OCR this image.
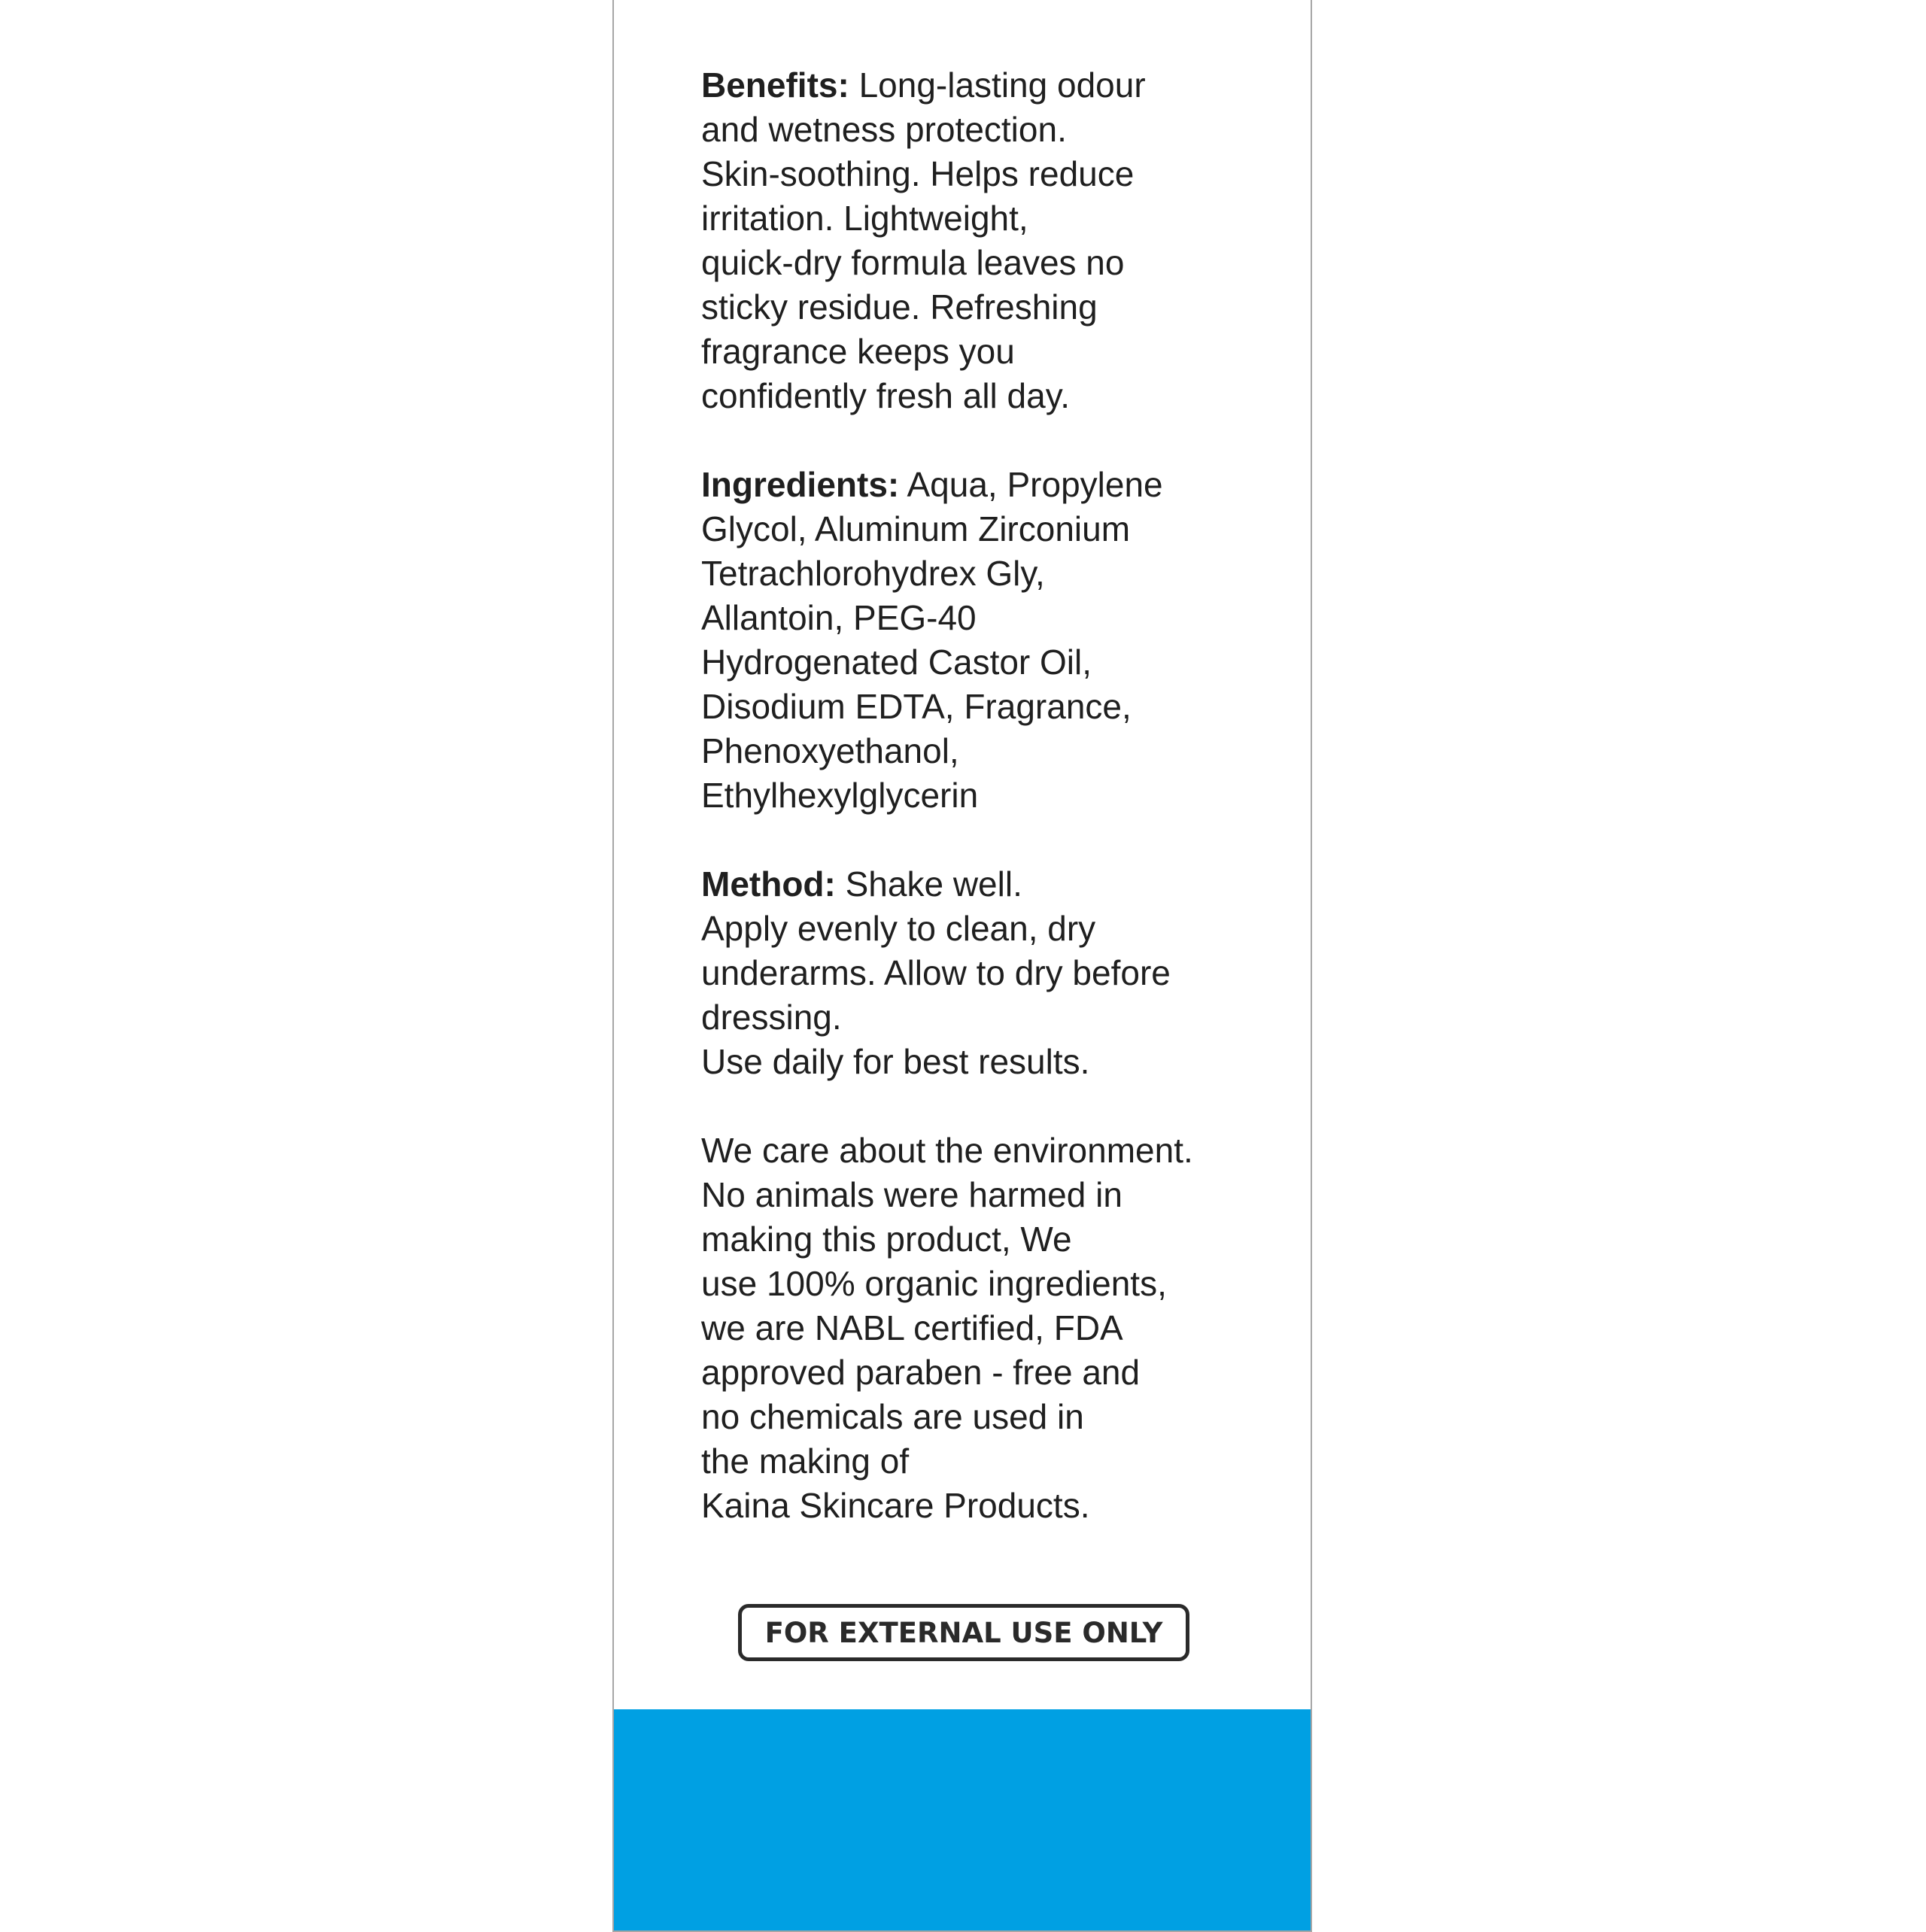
Benefits: Long-lasting odour
and wetness protection.
Skin-soothing. Helps reduce
irritation. Lightweight,
quick-dry formula leaves no
sticky residue. Refreshing
fragrance keeps you
confidently fresh all day.
Ingredients: Aqua, Propylene
Glycol, Aluminum Zirconium
Tetrachlorohydrex Gly,
Allantoin, PEG-40
Hydrogenated Castor Oil,
Disodium EDTA, Fragrance,
Phenoxyethanol,
Ethylhexylglycerin
Method: Shake well.
Apply evenly to clean, dry
underarms. Allow to dry before
dressing.
Use daily for best results.
We care about the environment.
No animals were harmed in
making this product, We
use 100% organic ingredients,
we are NABL certified, FDA
approved paraben - free and
no chemicals are used in
the making of
Kaina Skincare Products.
FOR EXTERNAL USE ONLY
